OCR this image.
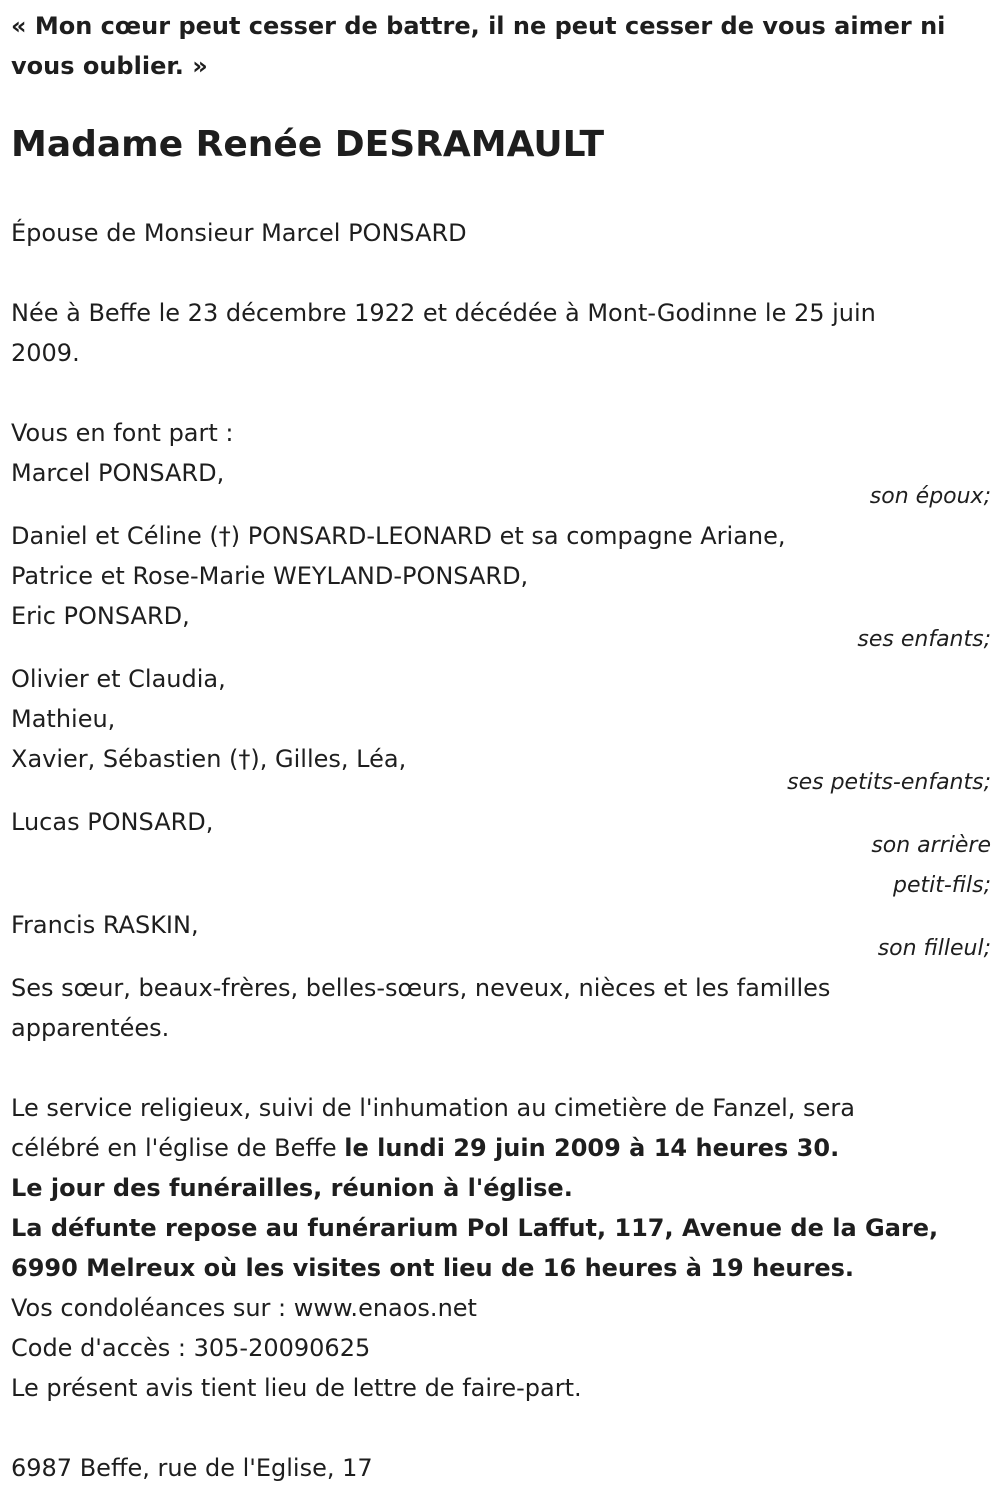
« Mon cœur peut cesser de battre, il ne peut cesser de vous aimer ni
vous oublier. »
Madame Renée DESRAMAULT
Épouse de Monsieur Marcel PONSARD
Née à Beffe le 23 décembre 1922 et décédée à Mont-Godinne le 25 juin
2009.
Vous en font part :
Marcel PONSARD,
son époux;
Daniel et Céline (†) PONSARD-LEONARD et sa compagne Ariane,
Patrice et Rose-Marie WEYLAND-PONSARD,
Eric PONSARD,
ses enfants;
Olivier et Claudia,
Mathieu,
Xavier, Sébastien (†), Gilles, Léa,
ses petits-enfants;
Lucas PONSARD,
son arrière
petit-fils;
Francis RASKIN,
son filleul;
Ses sœur, beaux-frères, belles-sœurs, neveux, nièces et les familles
apparentées.
Le service religieux, suivi de l'inhumation au cimetière de Fanzel, sera
célébré en l'église de Beffe le lundi 29 juin 2009 à 14 heures 30.
Le jour des funérailles, réunion à l'église.
La défunte repose au funérarium Pol Laffut, 117, Avenue de la Gare,
6990 Melreux où les visites ont lieu de 16 heures à 19 heures.
Vos condoléances sur : www.enaos.net
Code d'accès : 305-20090625
Le présent avis tient lieu de lettre de faire-part.
6987 Beffe, rue de l'Eglise, 17
